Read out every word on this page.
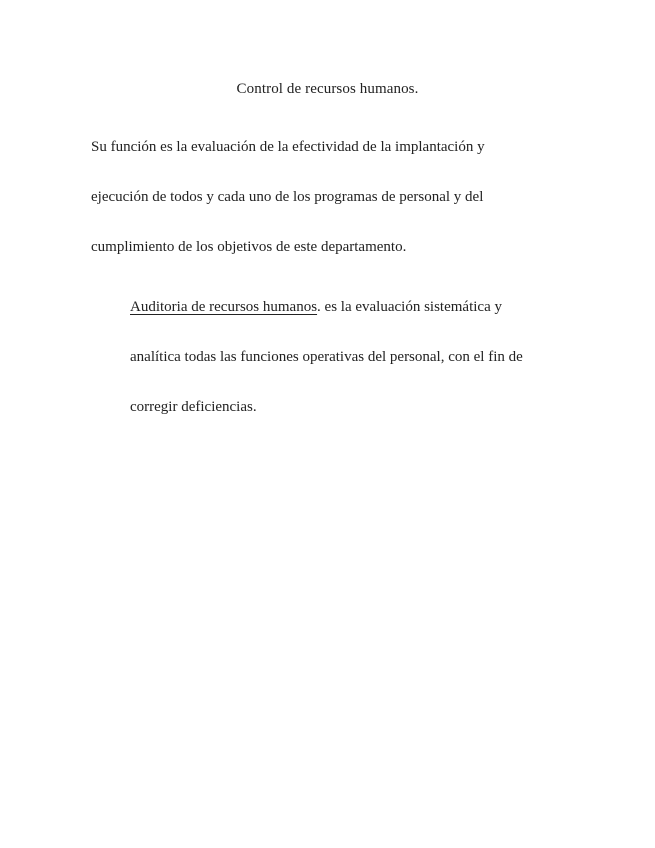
Control de recursos humanos.

Su función es la evaluación de la efectividad de la implantación y
ejecución de todos y cada uno de los programas de personal y del
cumplimiento de los objetivos de este departamento.

Auditoria de recursos humanos. es la evaluación sistemática y
analítica todas las funciones operativas del personal, con el fin de
corregir deficiencias.
